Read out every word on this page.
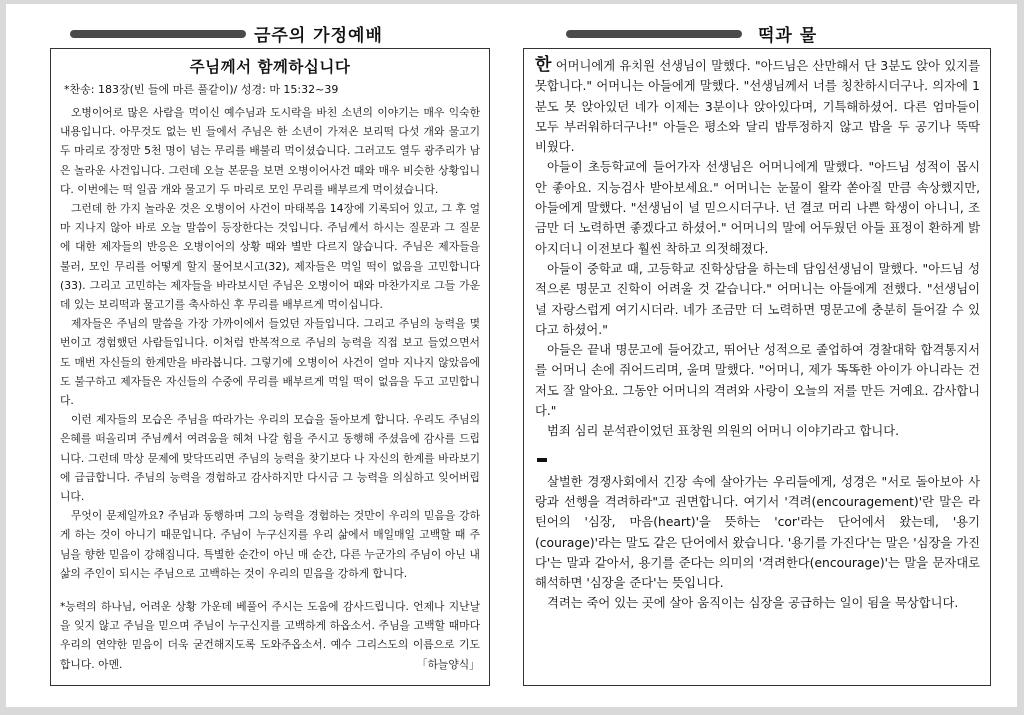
금주의 가정예배	떡과 물
주님께서 함께하십니다

*찬송: 183장(빈 들에 마른 풀같이)/ 성경: 마 15:32~39

오병이어로 많은 사람을 먹이신 예수님과 도시락을 바친 소년의 이야기는 매우 익숙한 내용입니다. 아무것도 없는 빈 들에서 주님은 한 소년이 가져온 보리떡 다섯 개와 물고기 두 마리로 장정만 5천 명이 넘는 무리를 배불리 먹이셨습니다. 그러고도 열두 광주리가 남은 놀라운 사건입니다. 그런데 오늘 본문을 보면 오병이어사건 때와 매우 비슷한 상황입니다. 이번에는 떡 일곱 개와 물고기 두 마리로 모인 무리를 배부르게 먹이셨습니다.

그런데 한 가지 놀라운 것은 오병이어 사건이 마태복음 14장에 기록되어 있고, 그 후 얼마 지나지 않아 바로 오늘 말씀이 등장한다는 것입니다. 주님께서 하시는 질문과 그 질문에 대한 제자들의 반응은 오병이어의 상황 때와 별반 다르지 않습니다. 주님은 제자들을 불러, 모인 무리를 어떻게 할지 물어보시고(32), 제자들은 먹일 떡이 없음을 고민합니다(33). 그리고 고민하는 제자들을 바라보시던 주님은 오병이어 때와 마찬가지로 그들 가운데 있는 보리떡과 물고기를 축사하신 후 무리를 배부르게 먹이십니다.

제자들은 주님의 말씀을 가장 가까이에서 들었던 자들입니다. 그리고 주님의 능력을 몇 번이고 경험했던 사람들입니다. 이처럼 반복적으로 주님의 능력을 직접 보고 들었으면서도 매번 자신들의 한계만을 바라봅니다. 그렇기에 오병이어 사건이 얼마 지나지 않았음에도 불구하고 제자들은 자신들의 수중에 무리를 배부르게 먹일 떡이 없음을 두고 고민합니다.

이런 제자들의 모습은 주님을 따라가는 우리의 모습을 돌아보게 합니다. 우리도 주님의 은혜를 떠올리며 주님께서 여려움을 헤쳐 나갈 힘을 주시고 동행해 주셨음에 감사를 드립니다. 그런데 막상 문제에 맞닥뜨리면 주님의 능력을 찾기보다 나 자신의 한계를 바라보기에 급급합니다. 주님의 능력을 경험하고 감사하지만 다시금 그 능력을 의심하고 잊어버립니다.

무엇이 문제일까요? 주님과 동행하며 그의 능력을 경험하는 것만이 우리의 믿음을 강하게 하는 것이 아니기 때문입니다. 주님이 누구신지를 우리 삶에서 매일매일 고백할 때 주님을 향한 믿음이 강해집니다. 특별한 순간이 아닌 매 순간, 다른 누군가의 주님이 아닌 내 삶의 주인이 되시는 주님으로 고백하는 것이 우리의 믿음을 강하게 합니다.

*능력의 하나님, 어려운 상황 가운데 베풀어 주시는 도움에 감사드립니다. 언제나 지난날을 잊지 않고 주님을 믿으며 주님이 누구신지를 고백하게 하옵소서. 주님을 고백할 때마다 우리의 연약한 믿음이 더욱 굳건해지도록 도와주옵소서. 예수 그리스도의 이름으로 기도합니다. 아멘.	「하늘양식」

한 어머니에게 유치원 선생님이 말했다. "아드님은 산만해서 단 3분도 앉아 있지를 못합니다." 어머니는 아들에게 말했다. "선생님께서 너를 칭찬하시더구나. 의자에 1분도 못 앉아있던 네가 이제는 3분이나 앉아있다며, 기특해하셨어. 다른 엄마들이 모두 부러워하더구나!" 아들은 평소와 달리 밥투정하지 않고 밥을 두 공기나 뚝딱 비웠다.

아들이 초등학교에 들어가자 선생님은 어머니에게 말했다. "아드님 성적이 몹시 안 좋아요. 지능검사 받아보세요." 어머니는 눈물이 왈칵 쏟아질 만큼 속상했지만, 아들에게 말했다. "선생님이 널 믿으시더구나. 넌 결코 머리 나쁜 학생이 아니니, 조금만 더 노력하면 좋겠다고 하셨어." 어머니의 말에 어두웠던 아들 표정이 환하게 밝아지더니 이전보다 훨씬 착하고 의젓해졌다.

아들이 중학교 때, 고등학교 진학상담을 하는데 담임선생님이 말했다. "아드님 성적으론 명문고 진학이 어려울 것 같습니다." 어머니는 아들에게 전했다. "선생님이 널 자랑스럽게 여기시더라. 네가 조금만 더 노력하면 명문고에 충분히 들어갈 수 있다고 하셨어."

아들은 끝내 명문고에 들어갔고, 뛰어난 성적으로 졸업하여 경찰대학 합격통지서를 어머니 손에 쥐어드리며, 울며 말했다. "어머니, 제가 똑똑한 아이가 아니라는 건 저도 잘 알아요. 그동안 어머니의 격려와 사랑이 오늘의 저를 만든 거예요. 감사합니다."

범죄 심리 분석관이었던 표창원 의원의 어머니 이야기라고 합니다.

살벌한 경쟁사회에서 긴장 속에 살아가는 우리들에게, 성경은 "서로 돌아보아 사랑과 선행을 격려하라"고 권면합니다. 여기서 '격려(encouragement)'란 말은 라틴어의 '심장, 마음(heart)'을 뜻하는 'cor'라는 단어에서 왔는데, '용기(courage)'라는 말도 같은 단어에서 왔습니다. '용기를 가진다'는 말은 '심장을 가진다'는 말과 같아서, 용기를 준다는 의미의 '격려한다(encourage)'는 말을 문자대로 해석하면 '심장을 준다'는 뜻입니다.

격려는 죽어 있는 곳에 살아 움직이는 심장을 공급하는 일이 됨을 묵상합니다.
